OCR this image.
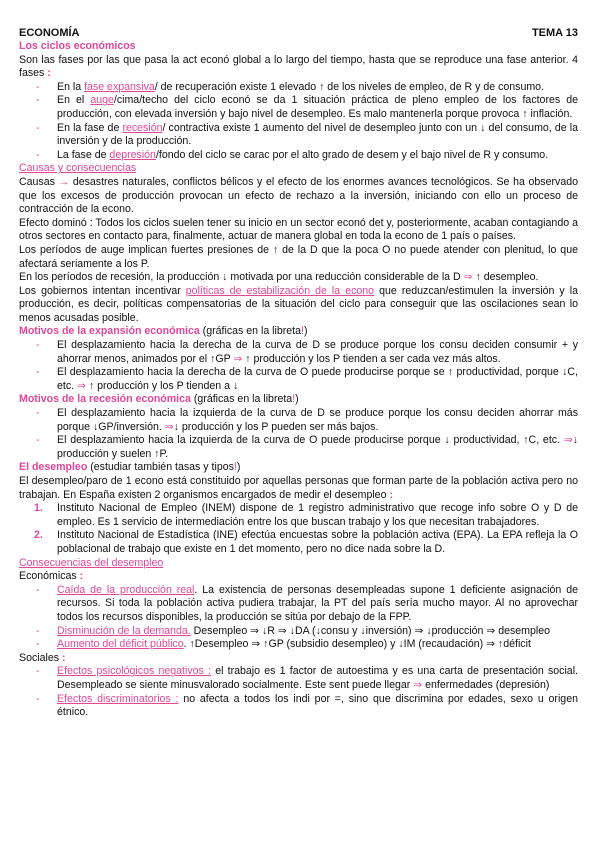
ECONOMÍA	TEMA 13
Los ciclos económicos

Son las fases por las que pasa la act econó global a lo largo del tiempo, hasta que se reproduce una fase anterior. 4 fases :

- En la fase expansiva/ de recuperación existe 1 elevado ↑ de los niveles de empleo, de R y de consumo.
- En el auge/cima/techo del ciclo econó se da 1 situación práctica de pleno empleo de los factores de producción, con elevada inversión y bajo nivel de desempleo. Es malo mantenerla porque provoca ↑ inflación.
- En la fase de recesión/ contractiva existe 1 aumento del nivel de desempleo junto con un ↓ del consumo, de la inversión y de la producción.
- La fase de depresión/fondo del ciclo se carac por el alto grado de desem y el bajo nivel de R y consumo.
Causas y consecuencias

Causas → desastres naturales, conflictos bélicos y el efecto de los enormes avances tecnológicos. Se ha observado que los excesos de producción provocan un efecto de rechazo a la inversión, iniciando con ello un proceso de contracción de la econo.

Efecto dominó : Todos los ciclos suelen tener su inicio en un sector econó det y, posteriormente, acaban contagiando a otros sectores en contacto para, finalmente, actuar de manera global en toda la econo de 1 país o países.

Los períodos de auge implican fuertes presiones de ↑ de la D que la poca O no puede atender con plenitud, lo que afectará seriamente a los P.

En los períodos de recesión, la producción ↓ motivada por una reducción considerable de la D ⇒ ↑ desempleo.

Los gobiernos intentan incentivar políticas de estabilización de la econo que reduzcan/estimulen la inversión y la producción, es decir, políticas compensatorias de la situación del ciclo para conseguir que las oscilaciones sean lo menos acusadas posible.

Motivos de la expansión económica (gráficas en la libreta!)
- El desplazamiento hacia la derecha de la curva de D se produce porque los consu deciden consumir + y ahorrar menos, animados por el ↑GP ⇒ ↑ producción y los P tienden a ser cada vez más altos.
- El desplazamiento hacia la derecha de la curva de O puede producirse porque se ↑ productividad, porque ↓C, etc. ⇒ ↑ producción y los P tienden a ↓
Motivos de la recesión económica (gráficas en la libreta!)
- El desplazamiento hacia la izquierda de la curva de D se produce porque los consu deciden ahorrar más porque ↓GP/inversión. ⇒↓ producción y los P pueden ser más bajos.
- El desplazamiento hacia la izquierda de la curva de O puede producirse porque ↓ productividad, ↑C, etc. ⇒↓ producción y suelen ↑P.
El desempleo (estudiar también tasas y tipos!)

El desempleo/paro de 1 econo está constituido por aquellas personas que forman parte de la población activa pero no trabajan. En España existen 2 organismos encargados de medir el desempleo :

1. Instituto Nacional de Empleo (INEM) dispone de 1 registro administrativo que recoge info sobre O y D de empleo. Es 1 servicio de intermediación entre los que buscan trabajo y los que necesitan trabajadores.
2. Instituto Nacional de Estadística (INE) efectúa encuestas sobre la población activa (EPA). La EPA refleja la O poblacional de trabajo que existe en 1 det momento, pero no dice nada sobre la D.
Consecuencias del desempleo
Económicas :
- Caída de la producción real. La existencia de personas desempleadas supone 1 deficiente asignación de recursos. Si toda la población activa pudiera trabajar, la PT del país sería mucho mayor. Al no aprovechar todos los recursos disponibles, la producción se sitúa por debajo de la FPP.
- Disminución de la demanda. Desempleo ⇒ ↓R ⇒ ↓DA (↓consu y ↓inversión) ⇒ ↓producción ⇒ desempleo
- Aumento del déficit público. ↑Desempleo ⇒ ↑GP (subsidio desempleo) y ↓IM (recaudación) ⇒ ↑déficit
Sociales :
- Efectos psicológicos negativos : el trabajo es 1 factor de autoestima y es una carta de presentación social. Desempleado se siente minusvalorado socialmente. Este sent puede llegar ⇒ enfermedades (depresión)
- Efectos discriminatorios : no afecta a todos los indi por =, sino que discrimina por edades, sexo u origen étnico.
